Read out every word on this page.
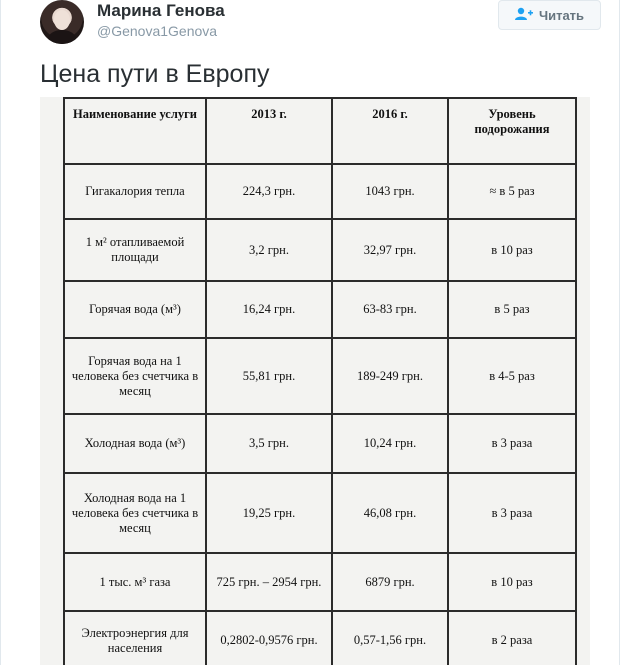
Марина Генова
@Genova1Genova
Читать
Цена пути в Европу
Наименование услуги	2013 г.	2016 г.	Уровень подорожания
Гигакалория тепла	224,3 грн.	1043 грн.	≈ в 5 раз
1 м² отапливаемой площади	3,2 грн.	32,97 грн.	в 10 раз
Горячая вода (м³)	16,24 грн.	63-83 грн.	в 5 раз
Горячая вода на 1 человека без счетчика в месяц	55,81 грн.	189-249 грн.	в 4-5 раз
Холодная вода (м³)	3,5 грн.	10,24 грн.	в 3 раза
Холодная вода на 1 человека без счетчика в месяц	19,25 грн.	46,08 грн.	в 3 раза
1 тыс. м³ газа	725 грн. – 2954 грн.	6879 грн.	в 10 раз
Электроэнергия для населения	0,2802-0,9576 грн.	0,57-1,56 грн.	в 2 раза
